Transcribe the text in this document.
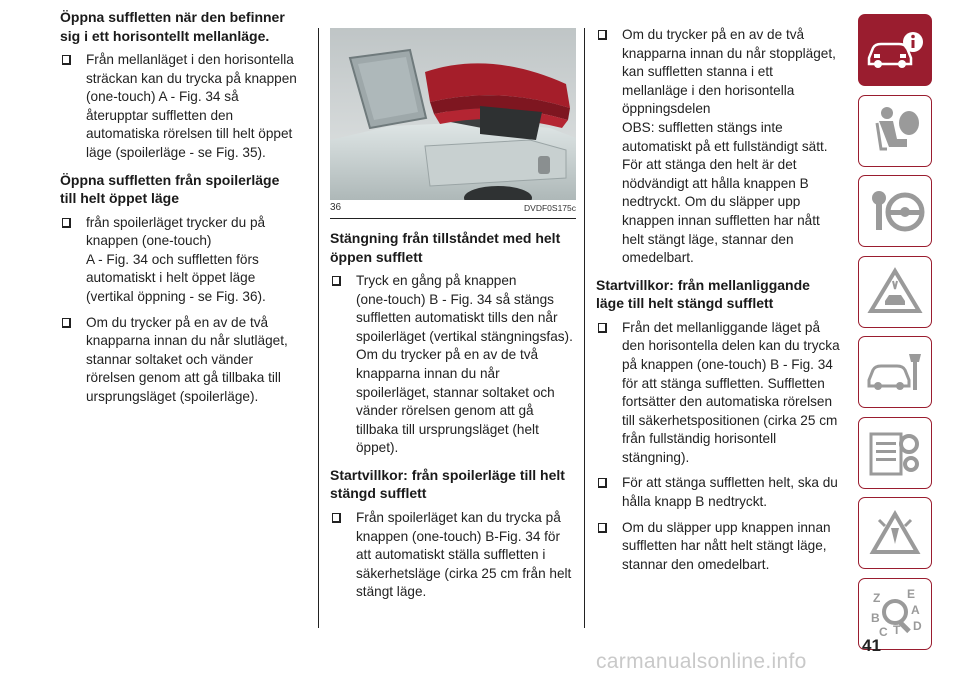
Öppna suffletten när den befinner
sig i ett horisontellt mellanläge.
Från mellanläget i den horisontella
sträckan kan du trycka på knappen
(one-touch) A - Fig. 34 så
återupptar suffletten den
automatiska rörelsen till helt öppet
läge (spoilerläge - se Fig. 35).
Öppna suffletten från spoilerläge
till helt öppet läge
från spoilerläget trycker du på
knappen (one-touch)
A - Fig. 34 och suffletten förs
automatiskt i helt öppet läge
(vertikal öppning - se Fig. 36).
Om du trycker på en av de två
knapparna innan du når slutläget,
stannar soltaket och vänder
rörelsen genom att gå tillbaka till
ursprungsläget (spoilerläge).
36	DVDF0S175c
Stängning från tillståndet med helt
öppen sufflett
Tryck en gång på knappen
(one-touch) B - Fig. 34 så stängs
suffletten automatiskt tills den når
spoilerläget (vertikal stängningsfas).
Om du trycker på en av de två
knapparna innan du når
spoilerläget, stannar soltaket och
vänder rörelsen genom att gå
tillbaka till ursprungsläget (helt
öppet).
Startvillkor: från spoilerläge till helt
stängd sufflett
Från spoilerläget kan du trycka på
knappen (one-touch) B-Fig. 34 för
att automatiskt ställa suffletten i
säkerhetsläge (cirka 25 cm från helt
stängt läge.
Om du trycker på en av de två
knapparna innan du når stoppläget,
kan suffletten stanna i ett
mellanläge i den horisontella
öppningsdelen
OBS: suffletten stängs inte
automatiskt på ett fullständigt sätt.
För att stänga den helt är det
nödvändigt att hålla knappen B
nedtryckt. Om du släpper upp
knappen innan suffletten har nått
helt stängt läge, stannar den
omedelbart.
Startvillkor: från mellanliggande
läge till helt stängd sufflett
Från det mellanliggande läget på
den horisontella delen kan du trycka
på knappen (one-touch) B - Fig. 34
för att stänga suffletten. Suffletten
fortsätter den automatiska rörelsen
till säkerhetspositionen (cirka 25 cm
från fullständig horisontell
stängning).
För att stänga suffletten helt, ska du
hålla knapp B nedtryckt.
Om du släpper upp knappen innan
suffletten har nått helt stängt läge,
stannar den omedelbart.
Z E
A
B
C T D
41
carmanualsonline.info
